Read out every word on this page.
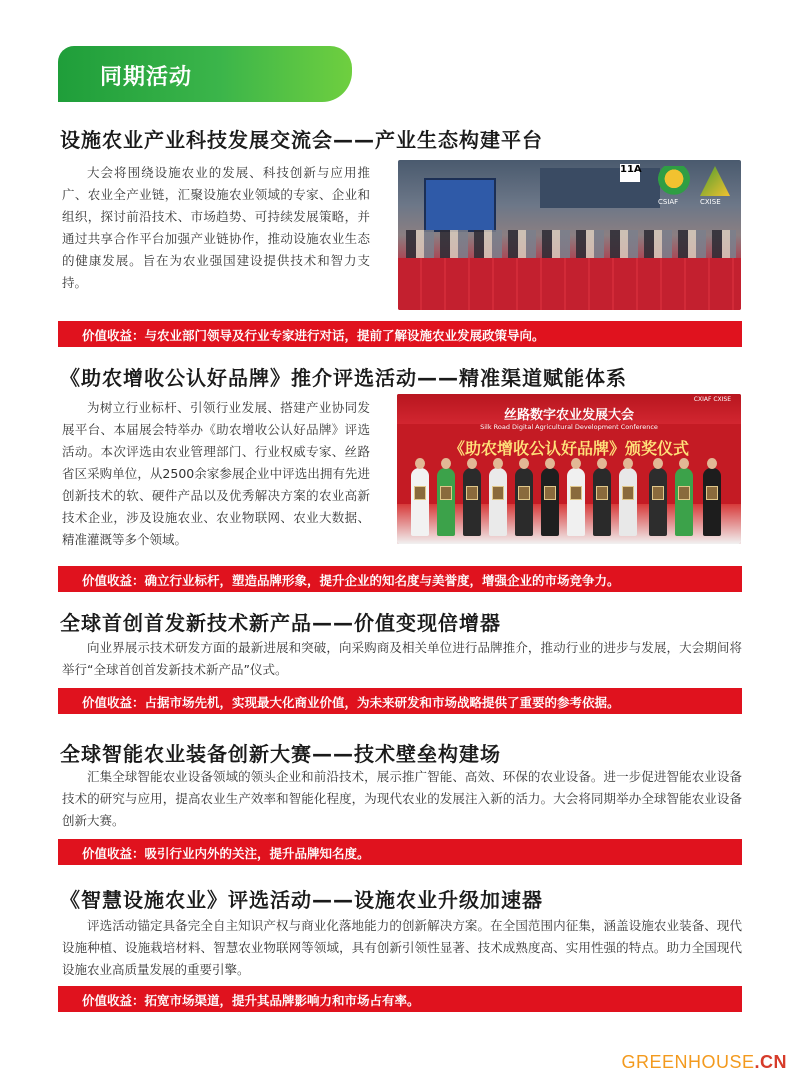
同期活动
设施农业产业科技发展交流会——产业生态构建平台
大会将围绕设施农业的发展、科技创新与应用推广、农业全产业链，汇聚设施农业领域的专家、企业和组织，探讨前沿技术、市场趋势、可持续发展策略，并通过共享合作平台加强产业链协作，推动设施农业生态的健康发展。旨在为农业强国建设提供技术和智力支持。
11A
CSIAF	CXISE
价值收益：与农业部门领导及行业专家进行对话，提前了解设施农业发展政策导向。
《助农增收公认好品牌》推介评选活动——精准渠道赋能体系
为树立行业标杆、引领行业发展、搭建产业协同发展平台、本届展会特举办《助农增收公认好品牌》评选活动。本次评选由农业管理部门、行业权威专家、丝路省区采购单位，从2500余家参展企业中评选出拥有先进创新技术的软、硬件产品以及优秀解决方案的农业高新技术企业，涉及设施农业、农业物联网、农业大数据、精准灌溉等多个领域。
CXIAF CXISE
丝路数字农业发展大会
Silk Road Digital Agricultural Development Conference
《助农增收公认好品牌》颁奖仪式
价值收益：确立行业标杆，塑造品牌形象，提升企业的知名度与美誉度，增强企业的市场竞争力。
全球首创首发新技术新产品——价值变现倍增器
向业界展示技术研发方面的最新进展和突破，向采购商及相关单位进行品牌推介，推动行业的进步与发展，大会期间将举行“全球首创首发新技术新产品”仪式。
价值收益：占据市场先机，实现最大化商业价值，为未来研发和市场战略提供了重要的参考依据。
全球智能农业装备创新大赛——技术壁垒构建场
汇集全球智能农业设备领域的领头企业和前沿技术，展示推广智能、高效、环保的农业设备。进一步促进智能农业设备技术的研究与应用，提高农业生产效率和智能化程度，为现代农业的发展注入新的活力。大会将同期举办全球智能农业设备创新大赛。
价值收益：吸引行业内外的关注，提升品牌知名度。
《智慧设施农业》评选活动——设施农业升级加速器
评选活动锚定具备完全自主知识产权与商业化落地能力的创新解决方案。在全国范围内征集，涵盖设施农业装备、现代设施种植、设施栽培材料、智慧农业物联网等领域，具有创新引领性显著、技术成熟度高、实用性强的特点。助力全国现代设施农业高质量发展的重要引擎。
价值收益：拓宽市场渠道，提升其品牌影响力和市场占有率。
GREENHOUSE.CN
